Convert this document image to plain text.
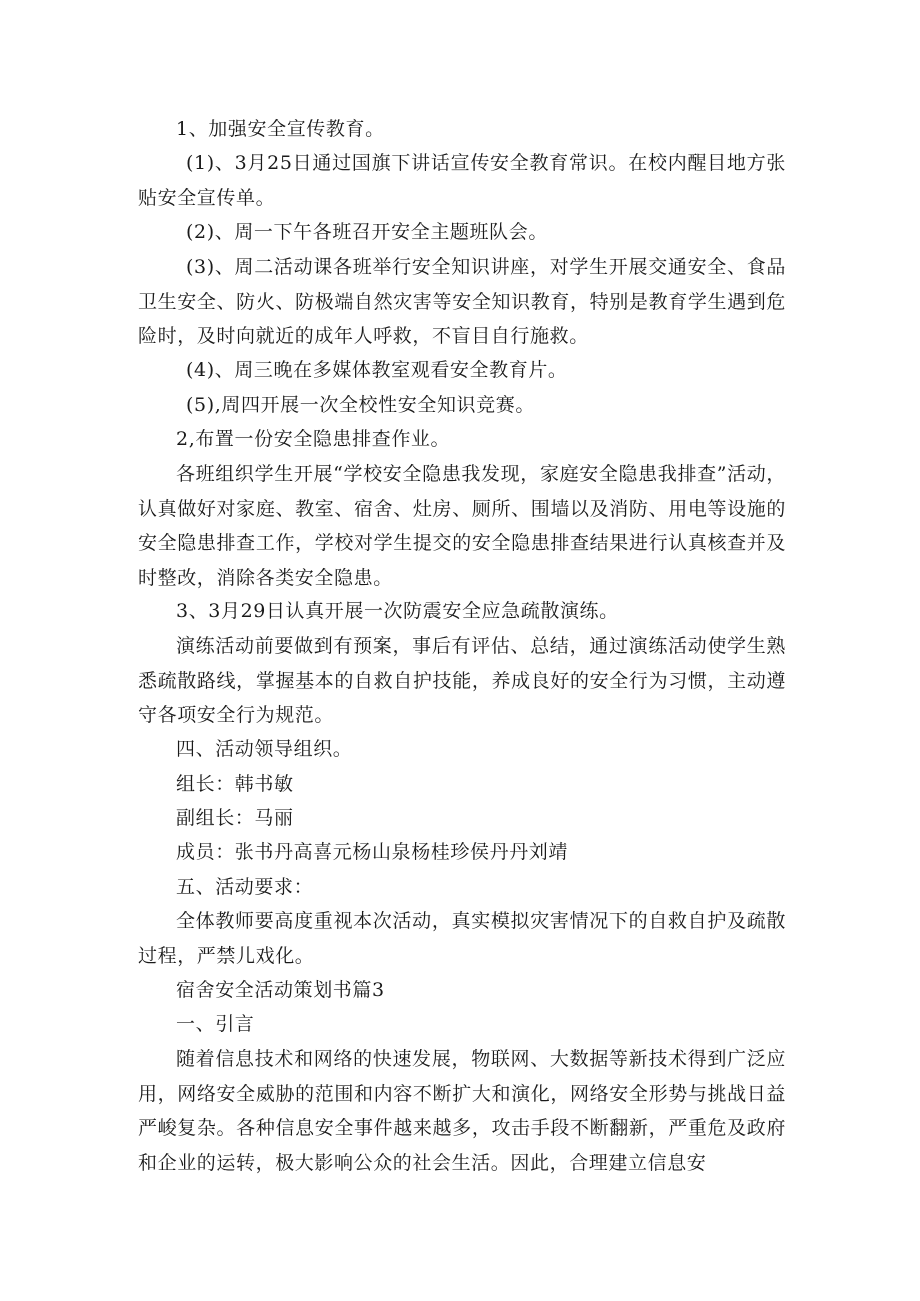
1、加强安全宣传教育。

(1)、3月25日通过国旗下讲话宣传安全教育常识。在校内醒目地方张贴安全宣传单。

(2)、周一下午各班召开安全主题班队会。

(3)、周二活动课各班举行安全知识讲座，对学生开展交通安全、食品卫生安全、防火、防极端自然灾害等安全知识教育，特别是教育学生遇到危险时，及时向就近的成年人呼救，不盲目自行施救。

(4)、周三晚在多媒体教室观看安全教育片。

(5),周四开展一次全校性安全知识竞赛。

2,布置一份安全隐患排查作业。

各班组织学生开展“学校安全隐患我发现，家庭安全隐患我排查”活动，认真做好对家庭、教室、宿舍、灶房、厕所、围墙以及消防、用电等设施的安全隐患排查工作，学校对学生提交的安全隐患排查结果进行认真核查并及时整改，消除各类安全隐患。

3、3月29日认真开展一次防震安全应急疏散演练。

演练活动前要做到有预案，事后有评估、总结，通过演练活动使学生熟悉疏散路线，掌握基本的自救自护技能，养成良好的安全行为习惯，主动遵守各项安全行为规范。

四、活动领导组织。

组长：韩书敏

副组长：马丽

成员：张书丹高喜元杨山泉杨桂珍侯丹丹刘靖

五、活动要求：

全体教师要高度重视本次活动，真实模拟灾害情况下的自救自护及疏散过程，严禁儿戏化。

宿舍安全活动策划书篇3

一、引言

随着信息技术和网络的快速发展，物联网、大数据等新技术得到广泛应用，网络安全威胁的范围和内容不断扩大和演化，网络安全形势与挑战日益严峻复杂。各种信息安全事件越来越多，攻击手段不断翻新，严重危及政府和企业的运转，极大影响公众的社会生活。因此，合理建立信息安
